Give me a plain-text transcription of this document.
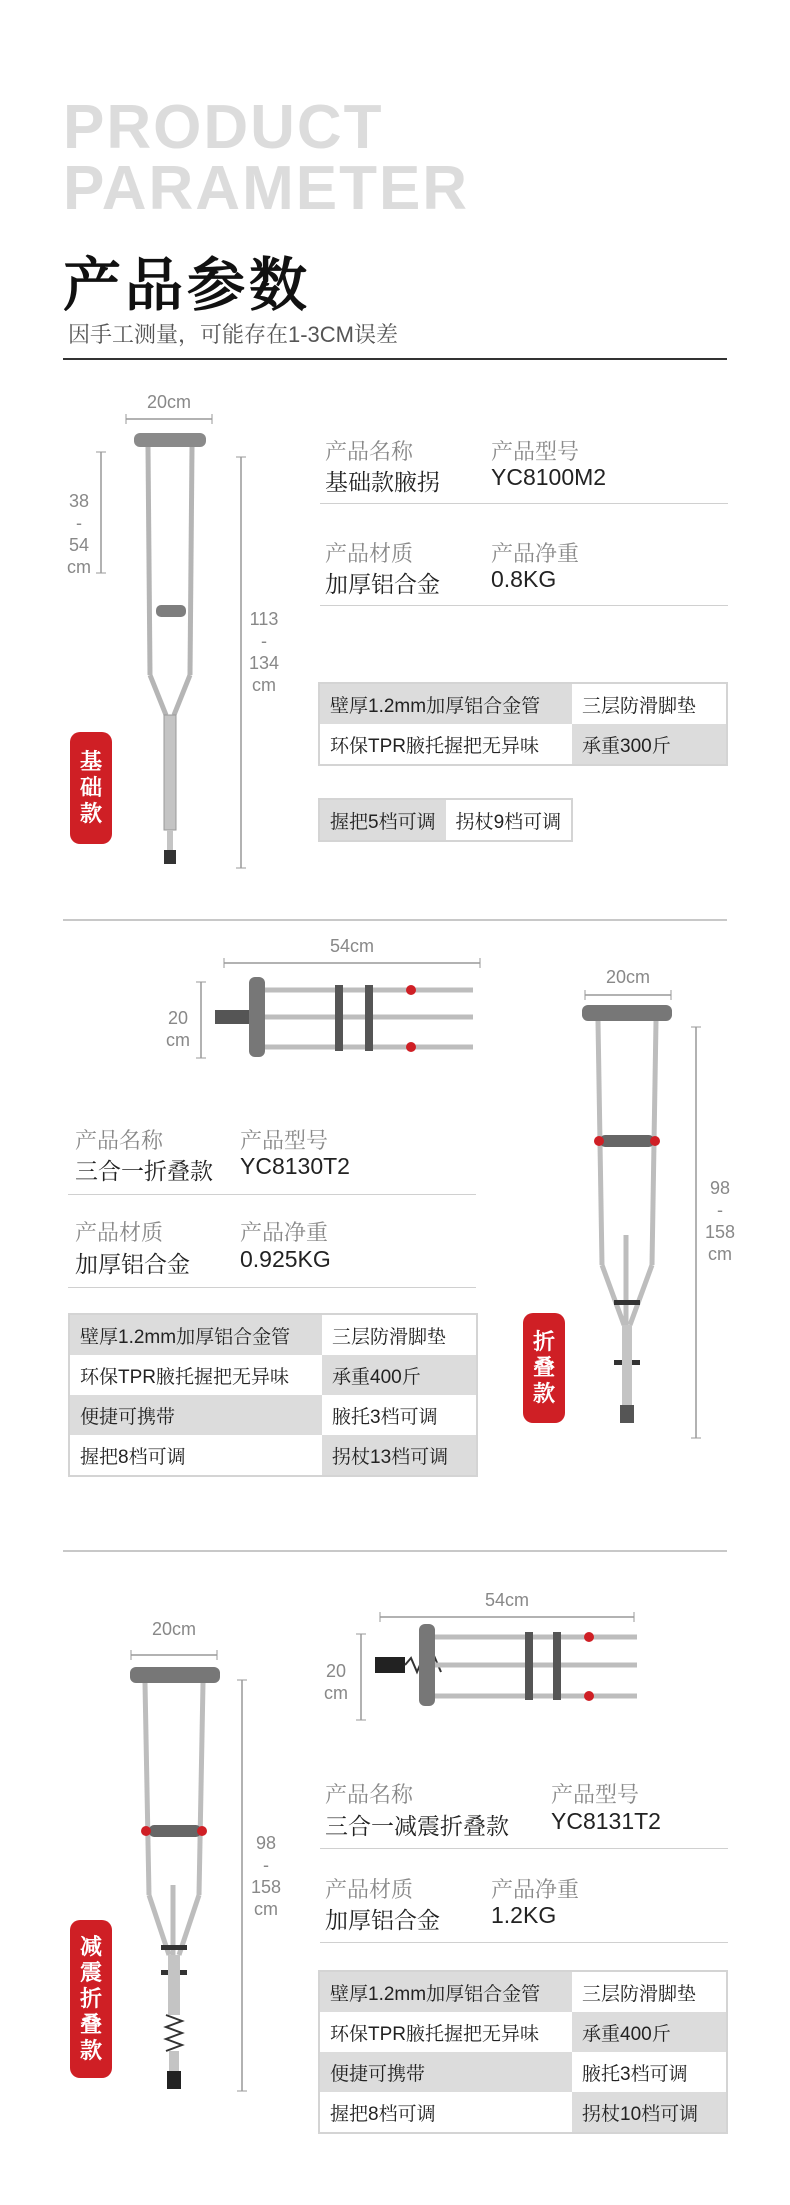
PRODUCT
PARAMETER
产品参数
因手工测量，可能存在1-3CM误差
20cm
38
-
54
cm
113
-
134
cm
基础款
产品名称
基础款腋拐
产品型号
YC8100M2
产品材质
加厚铝合金
产品净重
0.8KG
壁厚1.2mm加厚铝合金管	三层防滑脚垫
环保TPR腋托握把无异味	承重300斤
握把5档可调	拐杖9档可调
54cm
20
cm
20cm
98
-
158
cm
折叠款
产品名称
三合一折叠款
产品型号
YC8130T2
产品材质
加厚铝合金
产品净重
0.925KG
壁厚1.2mm加厚铝合金管	三层防滑脚垫
环保TPR腋托握把无异味	承重400斤
便捷可携带	腋托3档可调
握把8档可调	拐杖13档可调
20cm
98
-
158
cm
减震折叠款
54cm
20
cm
产品名称
三合一减震折叠款
产品型号
YC8131T2
产品材质
加厚铝合金
产品净重
1.2KG
壁厚1.2mm加厚铝合金管	三层防滑脚垫
环保TPR腋托握把无异味	承重400斤
便捷可携带	腋托3档可调
握把8档可调	拐杖10档可调
